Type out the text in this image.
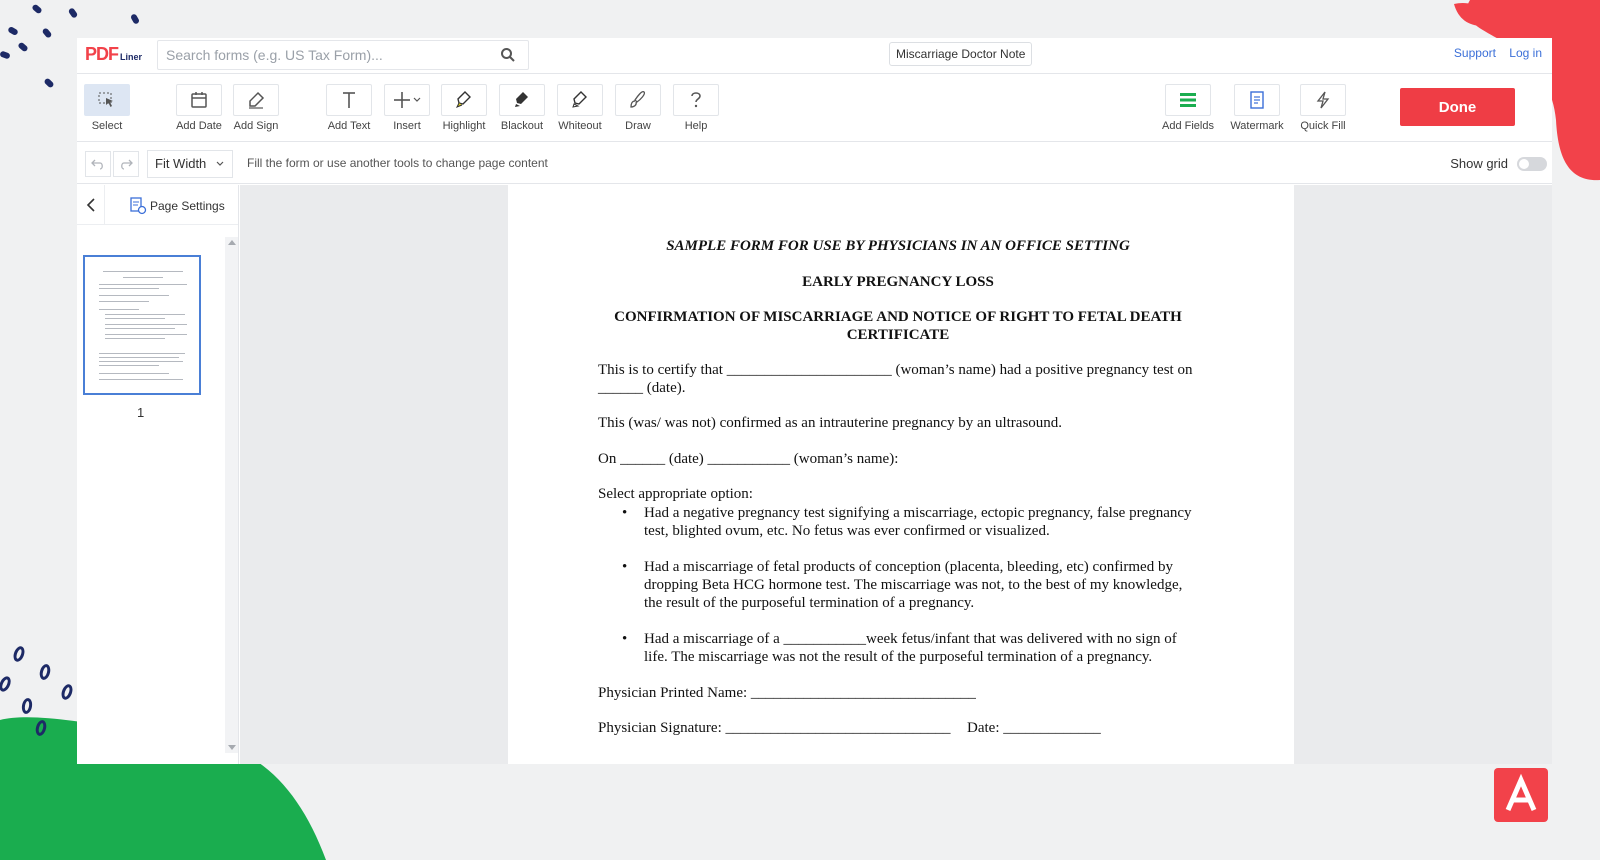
PDF Liner
Search forms (e.g. US Tax Form)...	Miscarriage Doctor Note	Support Log in
Select	Add Date	Add Sign	Add Text	Insert	Highlight	Blackout	Whiteout	Draw	Help	Add Fields	Watermark	Quick Fill
Done
Fit Width	Fill the form or use another tools to change page content	Show grid
Page Settings
1
SAMPLE FORM FOR USE BY PHYSICIANS IN AN OFFICE SETTING
EARLY PREGNANCY LOSS
CONFIRMATION OF MISCARRIAGE AND NOTICE OF RIGHT TO FETAL DEATH CERTIFICATE
This is to certify that ______________________ (woman’s name) had a positive pregnancy test on ______ (date).
This (was/ was not) confirmed as an intrauterine pregnancy by an ultrasound.
On ______ (date) ___________ (woman’s name):
Select appropriate option:
• Had a negative pregnancy test signifying a miscarriage, ectopic pregnancy, false pregnancy test, blighted ovum, etc. No fetus was ever confirmed or visualized.
• Had a miscarriage of fetal products of conception (placenta, bleeding, etc) confirmed by dropping Beta HCG hormone test. The miscarriage was not, to the best of my knowledge, the result of the purposeful termination of a pregnancy.
• Had a miscarriage of a ___________week fetus/infant that was delivered with no sign of life. The miscarriage was not the result of the purposeful termination of a pregnancy.
Physician Printed Name: ______________________________
Physician Signature: ______________________________	Date: _____________
